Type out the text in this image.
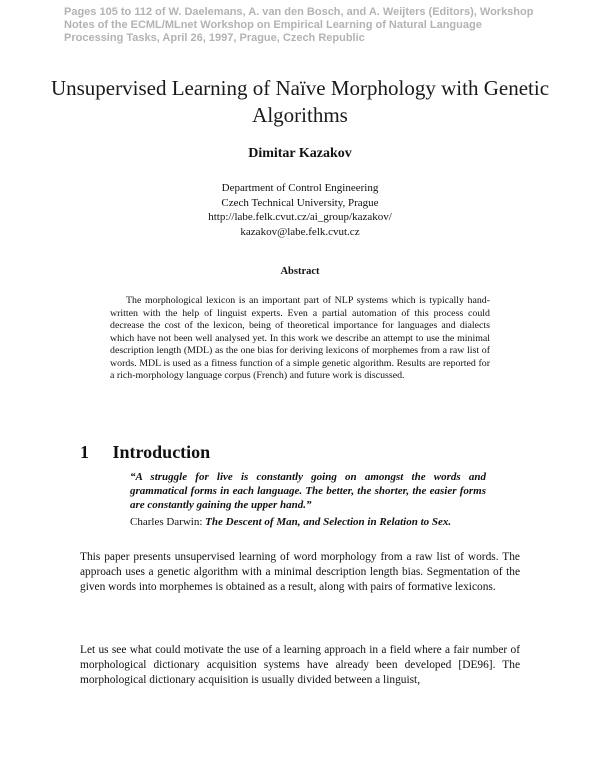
Pages 105 to 112 of W. Daelemans, A. van den Bosch, and A. Weijters (Editors), Workshop Notes of the ECML/MLnet Workshop on Empirical Learning of Natural Language Processing Tasks, April 26, 1997, Prague, Czech Republic
Unsupervised Learning of Naïve Morphology with Genetic Algorithms
Dimitar Kazakov
Department of Control Engineering
Czech Technical University, Prague
http://labe.felk.cvut.cz/ai_group/kazakov/
kazakov@labe.felk.cvut.cz
Abstract
The morphological lexicon is an important part of NLP systems which is typically hand-written with the help of linguist experts. Even a partial automation of this process could decrease the cost of the lexicon, being of theoretical importance for languages and dialects which have not been well analysed yet. In this work we describe an attempt to use the minimal description length (MDL) as the one bias for deriving lexicons of morphemes from a raw list of words. MDL is used as a fitness function of a simple genetic algorithm. Results are reported for a rich-morphology language corpus (French) and future work is discussed.
1 Introduction
“A struggle for live is constantly going on amongst the words and grammatical forms in each language. The better, the shorter, the easier forms are constantly gaining the upper hand.”
Charles Darwin: The Descent of Man, and Selection in Relation to Sex.
This paper presents unsupervised learning of word morphology from a raw list of words. The approach uses a genetic algorithm with a minimal description length bias. Segmentation of the given words into morphemes is obtained as a result, along with pairs of formative lexicons.
Let us see what could motivate the use of a learning approach in a field where a fair number of morphological dictionary acquisition systems have already been developed [DE96]. The morphological dictionary acquisition is usually divided between a linguist,
